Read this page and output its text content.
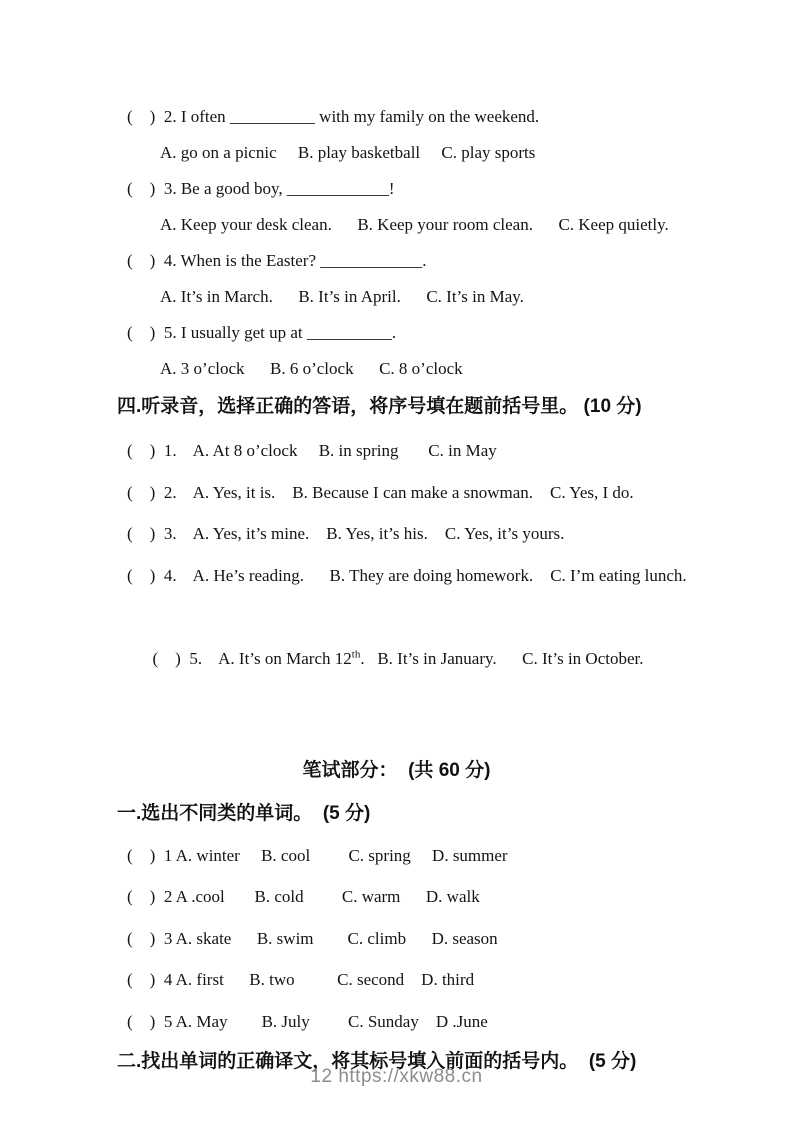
(    )  2. I often __________ with my family on the weekend.
A. go on a picnic     B. play basketball     C. play sports
(    )  3. Be a good boy, ____________!
A. Keep your desk clean.      B. Keep your room clean.      C. Keep quietly.
(    )  4. When is the Easter? ____________.
A. It’s in March.      B. It’s in April.      C. It’s in May.
(    )  5. I usually get up at __________.
A. 3 o’clock      B. 6 o’clock      C. 8 o’clock
四.听录音，选择正确的答语，将序号填在题前括号里。 (10 分)
(    )  1.    A. At 8 o’clock     B. in spring       C. in May
(    )  2.    A. Yes, it is.    B. Because I can make a snowman.    C. Yes, I do.
(    )  3.    A. Yes, it’s mine.    B. Yes, it’s his.    C. Yes, it’s yours.
(    )  4.    A. He’s reading.      B. They are doing homework.    C. I’m eating lunch.

(    )  5.    A. It’s on March 12th.   B. It’s in January.      C. It’s in October.

笔试部分：  (共 60 分)
一.选出不同类的单词。  (5 分)
(    )  1 A. winter     B. cool         C. spring     D. summer
(    )  2 A .cool       B. cold         C. warm      D. walk
(    )  3 A. skate      B. swim        C. climb      D. season
(    )  4 A. first      B. two          C. second    D. third
(    )  5 A. May        B. July         C. Sunday    D .June
二.找出单词的正确译文，将其标号填入前面的括号内。  (5 分)
12 https://xkw88.cn
